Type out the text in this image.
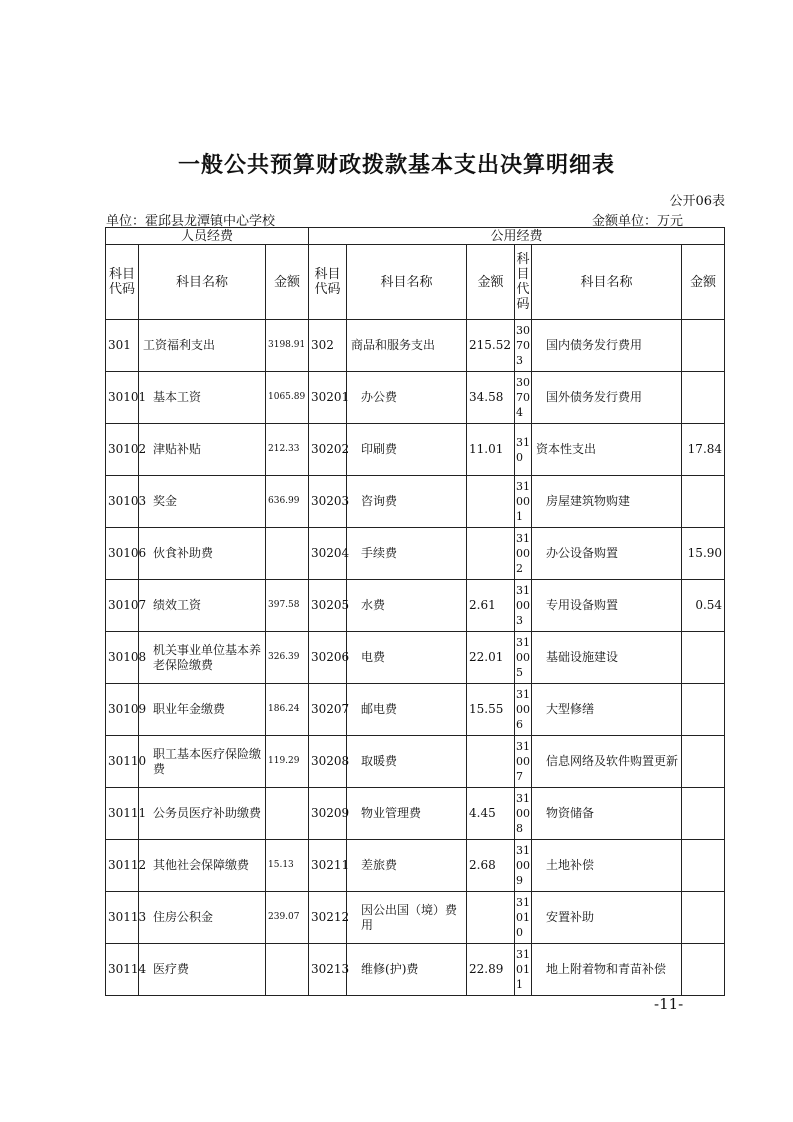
一般公共预算财政拨款基本支出决算明细表
公开06表
单位：霍邱县龙潭镇中心学校	金额单位：万元
人员经费			公用经费					
科目代码	科目名称	金额	科目代码	科目名称	金额	科目代码	科目名称	金额
301	工资福利支出	3198.91	302	商品和服务支出	215.52	30703	国内债务发行费用	
30101	基本工资	1065.89	30201	办公费	34.58	30704	国外债务发行费用	
30102	津贴补贴	212.33	30202	印刷费	11.01	310	资本性支出	17.84
30103	奖金	636.99	30203	咨询费		31001	房屋建筑物购建	
30106	伙食补助费		30204	手续费		31002	办公设备购置	15.90
30107	绩效工资	397.58	30205	水费	2.61	31003	专用设备购置	0.54
30108	机关事业单位基本养老保险缴费	326.39	30206	电费	22.01	31005	基础设施建设	
30109	职业年金缴费	186.24	30207	邮电费	15.55	31006	大型修缮	
30110	职工基本医疗保险缴费	119.29	30208	取暖费		31007	信息网络及软件购置更新	
30111	公务员医疗补助缴费		30209	物业管理费	4.45	31008	物资储备	
30112	其他社会保障缴费	15.13	30211	差旅费	2.68	31009	土地补偿	
30113	住房公积金	239.07	30212	因公出国（境）费用		31010	安置补助	
30114	医疗费		30213	维修(护)费	22.89	31011	地上附着物和青苗补偿	
-11-
